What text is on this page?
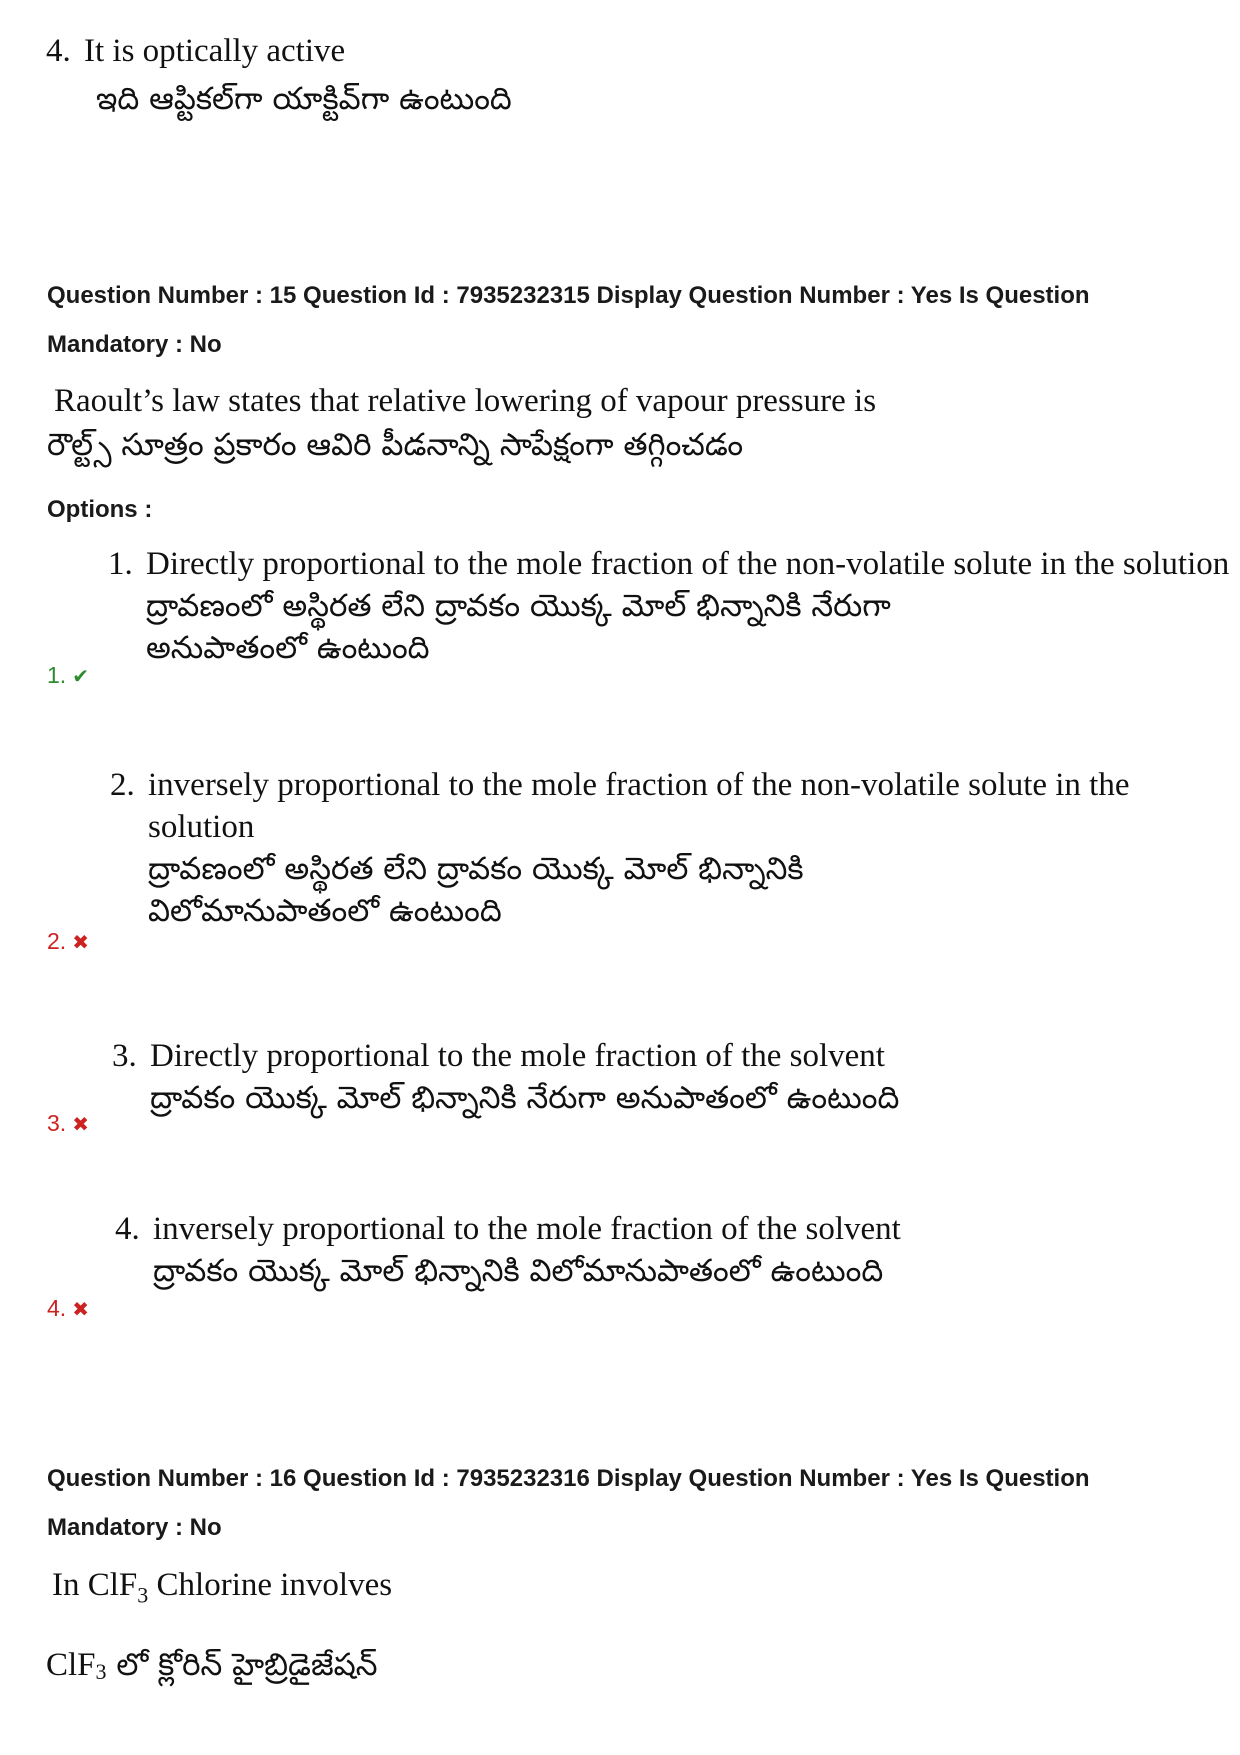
4. It is optically active
ఇది ఆప్టికల్‌గా యాక్టివ్‌గా ఉంటుంది
Question Number : 15 Question Id : 7935232315 Display Question Number : Yes Is Question
Mandatory : No
Raoult’s law states that relative lowering of vapour pressure is
రౌల్ట్స్ సూత్రం ప్రకారం ఆవిరి పీడనాన్ని సాపేక్షంగా తగ్గించడం
Options :
1. Directly proportional to the mole fraction of the non-volatile solute in the solution
ద్రావణంలో అస్థిరత లేని ద్రావకం యొక్క మోల్ భిన్నానికి నేరుగా
అనుపాతంలో ఉంటుంది
1. ✔
2. inversely proportional to the mole fraction of the non-volatile solute in the
solution
ద్రావణంలో అస్థిరత లేని ద్రావకం యొక్క మోల్ భిన్నానికి
విలోమానుపాతంలో ఉంటుంది
2. ✖
3. Directly proportional to the mole fraction of the solvent
ద్రావకం యొక్క మోల్ భిన్నానికి నేరుగా అనుపాతంలో ఉంటుంది
3. ✖
4. inversely proportional to the mole fraction of the solvent
ద్రావకం యొక్క మోల్ భిన్నానికి విలోమానుపాతంలో ఉంటుంది
4. ✖
Question Number : 16 Question Id : 7935232316 Display Question Number : Yes Is Question
Mandatory : No
In ClF$_3$ Chlorine involves
ClF$_3$ లో క్లోరిన్ హైబ్రిడైజేషన్
